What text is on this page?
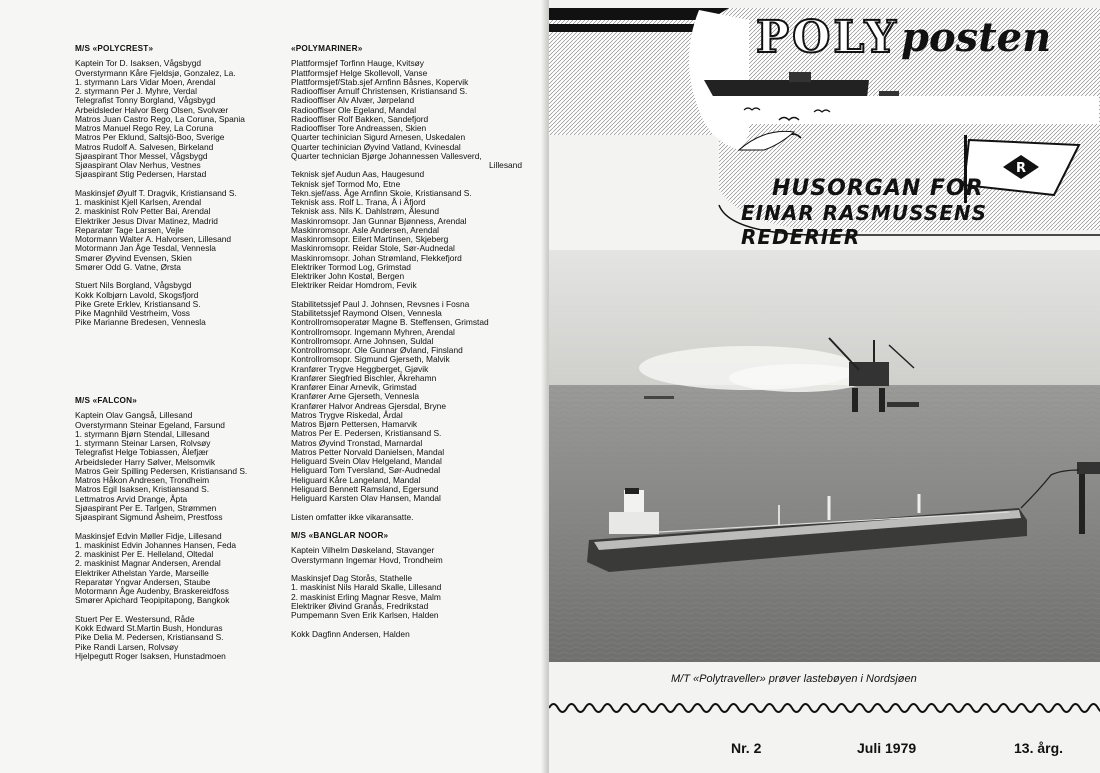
M/S «POLYCREST»
Kaptein Tor D. Isaksen, Vågsbygd
Overstyrmann Kåre Fjeldsjø, Gonzalez, La.
1. styrmann Lars Vidar Moen, Arendal
2. styrmann Per J. Myhre, Verdal
Telegrafist Tonny Borgland, Vågsbygd
Arbeidsleder Halvor Berg Olsen, Svolvær
Matros Juan Castro Rego, La Coruna, Spania
Matros Manuel Rego Rey, La Coruna
Matros Per Eklund, Saltsjö-Boo, Sverige
Matros Rudolf A. Salvesen, Birkeland
Sjøaspirant Thor Messel, Vågsbygd
Sjøaspirant Olav Nerhus, Vestnes
Sjøaspirant Stig Pedersen, Harstad
Maskinsjef Øyulf T. Dragvik, Kristiansand S.
1. maskinist Kjell Karlsen, Arendal
2. maskinist Rolv Petter Bai, Arendal
Elektriker Jesus Divar Matinez, Madrid
Reparatør Tage Larsen, Vejle
Motormann Walter A. Halvorsen, Lillesand
Motormann Jan Åge Tesdal, Vennesla
Smører Øyvind Evensen, Skien
Smører Odd G. Vatne, Ørsta
Stuert Nils Borgland, Vågsbygd
Kokk Kolbjørn Lavold, Skogsfjord
Pike Grete Erklev, Kristiansand S.
Pike Magnhild Vestrheim, Voss
Pike Marianne Bredesen, Vennesla
M/S «FALCON»
Kaptein Olav Gangså, Lillesand
Overstyrmann Steinar Egeland, Farsund
1. styrmann Bjørn Stendal, Lillesand
1. styrmann Steinar Larsen, Rolvsøy
Telegrafist Helge Tobiassen, Ålefjær
Arbeidsleder Harry Sølver, Melsomvik
Matros Geir Spilling Pedersen, Kristiansand S.
Matros Håkon Andresen, Trondheim
Matros Egil Isaksen, Kristiansand S.
Lettmatros Arvid Drange, Åpta
Sjøaspirant Per E. Tarlgen, Strømmen
Sjøaspirant Sigmund Åsheim, Prestfoss
Maskinsjef Edvin Møller Fidje, Lillesand
1. maskinist Edvin Johannes Hansen, Feda
2. maskinist Per E. Helleland, Oltedal
2. maskinist Magnar Andersen, Arendal
Elektriker Athelstan Yarde, Marseille
Reparatør Yngvar Andersen, Staube
Motormann Åge Audenby, Braskereidfoss
Smører Apichard Teopipitapong, Bangkok
Stuert Per E. Westersund, Råde
Kokk Edward St.Martin Bush, Honduras
Pike Delia M. Pedersen, Kristiansand S.
Pike Randi Larsen, Rolvsøy
Hjelpegutt Roger Isaksen, Hunstadmoen
«POLYMARINER»
Plattformsjef Torfinn Hauge, Kvitsøy
Plattformsjef Helge Skollevoll, Vanse
Plattformsjef/Stab.sjef Arnfinn Båsnes, Kopervik
Radiooffiser Arnulf Christensen, Kristiansand S.
Radiooffiser Alv Alvær, Jørpeland
Radiooffiser Ole Egeland, Mandal
Radiooffiser Rolf Bakken, Sandefjord
Radiooffiser Tore Andreassen, Skien
Quarter techinician Sigurd Arnesen, Uskedalen
Quarter techinician Øyvind Vatland, Kvinesdal
Quarter technician Bjørge Johannessen Vallesverd,
Lillesand
Teknisk sjef Audun Aas, Haugesund
Teknisk sjef Tormod Mo, Etne
Tekn.sjef/ass. Åge Arnfinn Skoie, Kristiansand S.
Teknisk ass. Rolf L. Trana, Å i Åfjord
Teknisk ass. Nils K. Dahlstrøm, Ålesund
Maskinromsopr. Jan Gunnar Bjønness, Arendal
Maskinromsopr. Asle Andersen, Arendal
Maskinromsopr. Eilert Martinsen, Skjeberg
Maskinromsopr. Reidar Stole, Sør-Audnedal
Maskinromsopr. Johan Strømland, Flekkefjord
Elektriker Tormod Log, Grimstad
Elektriker John Kostøl, Bergen
Elektriker Reidar Homdrom, Fevik
Stabilitetssjef Paul J. Johnsen, Revsnes i Fosna
Stabilitetssjef Raymond Olsen, Vennesla
Kontrollromsoperatør Magne B. Steffensen, Grimstad
Kontrollromsopr. Ingemann Myhren, Arendal
Kontrollromsopr. Arne Johnsen, Suldal
Kontrollromsopr. Ole Gunnar Øvland, Finsland
Kontrollromsopr. Sigmund Gjerseth, Malvik
Kranfører Trygve Heggberget, Gjøvik
Kranfører Siegfried Bischler, Åkrehamn
Kranfører Einar Arnevik, Grimstad
Kranfører Arne Gjerseth, Vennesla
Kranfører Halvor Andreas Gjersdal, Bryne
Matros Trygve Riskedal, Årdal
Matros Bjørn Pettersen, Hamarvik
Matros Per E. Pedersen, Kristiansand S.
Matros Øyvind Tronstad, Marnardal
Matros Petter Norvald Danielsen, Mandal
Heliguard Svein Olav Helgeland, Mandal
Heliguard Tom Tversland, Sør-Audnedal
Heliguard Kåre Langeland, Mandal
Heliguard Bennett Ramsland, Egersund
Heliguard Karsten Olav Hansen, Mandal
Listen omfatter ikke vikaransatte.
M/S «BANGLAR NOOR»
Kaptein Vilhelm Døskeland, Stavanger
Overstyrmann Ingemar Hovd, Trondheim
Maskinsjef Dag Storås, Stathelle
1. maskinist Nils Harald Skalle, Lillesand
2. maskinist Erling Magnar Resve, Malm
Elektriker Øivind Granås, Fredrikstad
Pumpemann Sven Erik Karlsen, Halden
Kokk Dagfinn Andersen, Halden
R
POLY posten
HUSORGAN FOR
EINAR RASMUSSENS REDERIER
M/T «Polytraveller» prøver lastebøyen i Nordsjøen
Nr. 2	Juli 1979	13. årg.
